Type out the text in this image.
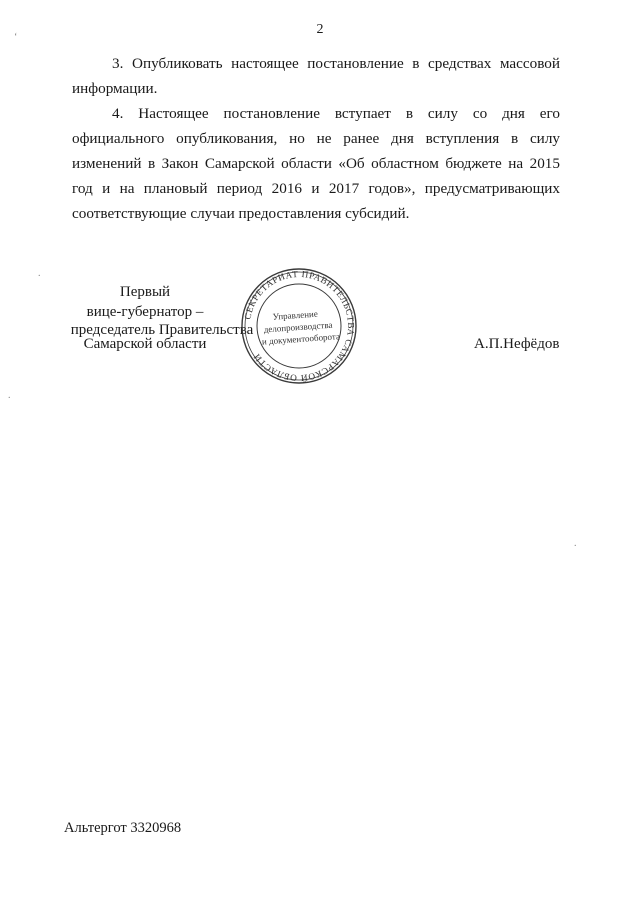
2

3. Опубликовать настоящее постановление в средствах массовой информации.

4. Настоящее постановление вступает в силу со дня его официального опубликования, но не ранее дня вступления в силу изменений в Закон Самарской области «Об областном бюджете на 2015 год и на плановый период 2016 и 2017 годов», предусматривающих соответствующие случаи предоставления субсидий.

Первый
вице-губернатор –
председатель Правительства
Самарской области
СЕКРЕТАРИАТ ПРАВИТЕЛЬСТВА САМАРСКОЙ ОБЛАСТИ
Управление
делопроизводства
и документооборота	А.П.Нефёдов
Альтергот 3320968
‘
.
.
.
